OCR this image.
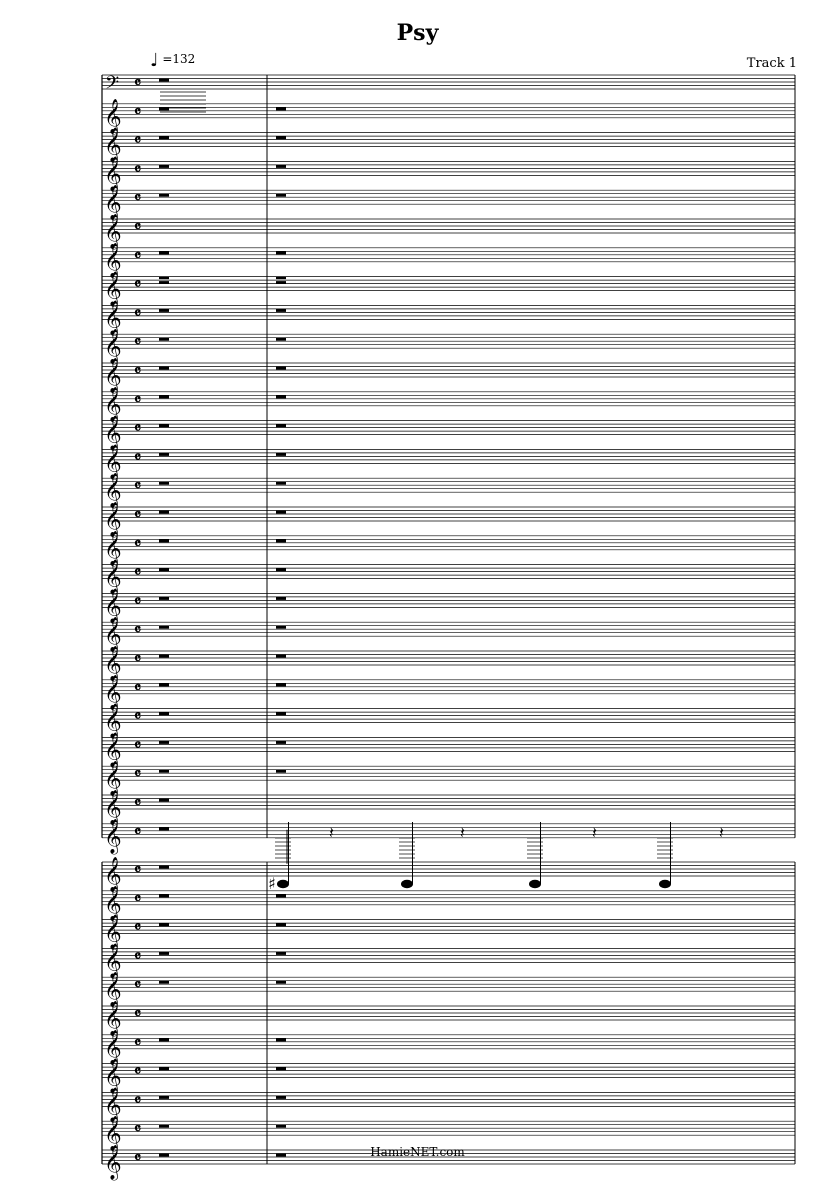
Psy
Track 1
♩ =132
𝄢 𝄴
𝄞 𝄴
𝄞 𝄴
𝄞 𝄴
𝄞 𝄴
𝄞 𝄴
𝄞 𝄴
𝄞 𝄴
𝄞 𝄴
𝄞 𝄴
𝄞 𝄴
𝄞 𝄴
𝄞 𝄴
𝄞 𝄴
𝄞 𝄴
𝄞 𝄴
𝄞 𝄴
𝄞 𝄴
𝄞 𝄴
𝄞 𝄴
𝄞 𝄴
𝄞 𝄴
𝄞 𝄴
𝄞 𝄴
𝄞 𝄴
𝄞 𝄴
𝄞 𝄴	𝄽	𝄽	𝄽	𝄽
𝄞 𝄴
♯
𝄞 𝄴
𝄞 𝄴
𝄞 𝄴
𝄞 𝄴
𝄞 𝄴
𝄞 𝄴
𝄞 𝄴
𝄞 𝄴
𝄞 𝄴
𝄞 𝄴	HamieNET.com
